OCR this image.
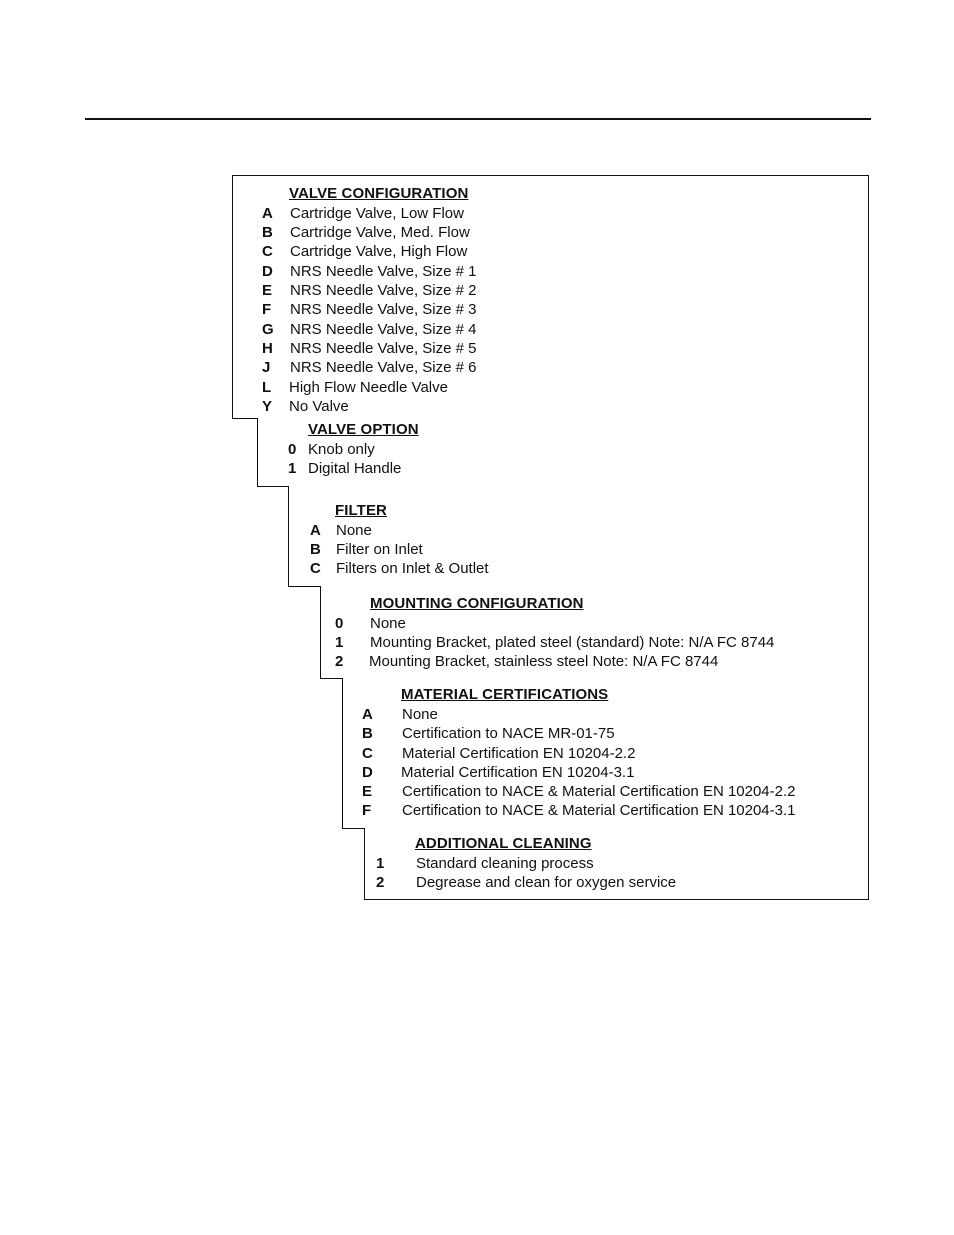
VALVE CONFIGURATION
A Cartridge Valve, Low Flow
B Cartridge Valve, Med. Flow
C Cartridge Valve, High Flow
D NRS Needle Valve, Size # 1
E NRS Needle Valve, Size # 2
F NRS Needle Valve, Size # 3
G NRS Needle Valve, Size # 4
H NRS Needle Valve, Size # 5
J NRS Needle Valve, Size # 6
L High Flow Needle Valve
Y No Valve
VALVE OPTION
0 Knob only
1 Digital Handle
FILTER
A None
B Filter on Inlet
C Filters on Inlet & Outlet
MOUNTING CONFIGURATION
0 None
1 Mounting Bracket, plated steel (standard) Note: N/A FC 8744
2 Mounting Bracket, stainless steel Note: N/A FC 8744
MATERIAL CERTIFICATIONS
A None
B Certification to NACE MR-01-75
C Material Certification EN 10204-2.2
D Material Certification EN 10204-3.1
E Certification to NACE & Material Certification EN 10204-2.2
F Certification to NACE & Material Certification EN 10204-3.1
ADDITIONAL CLEANING
1 Standard cleaning process
2 Degrease and clean for oxygen service
